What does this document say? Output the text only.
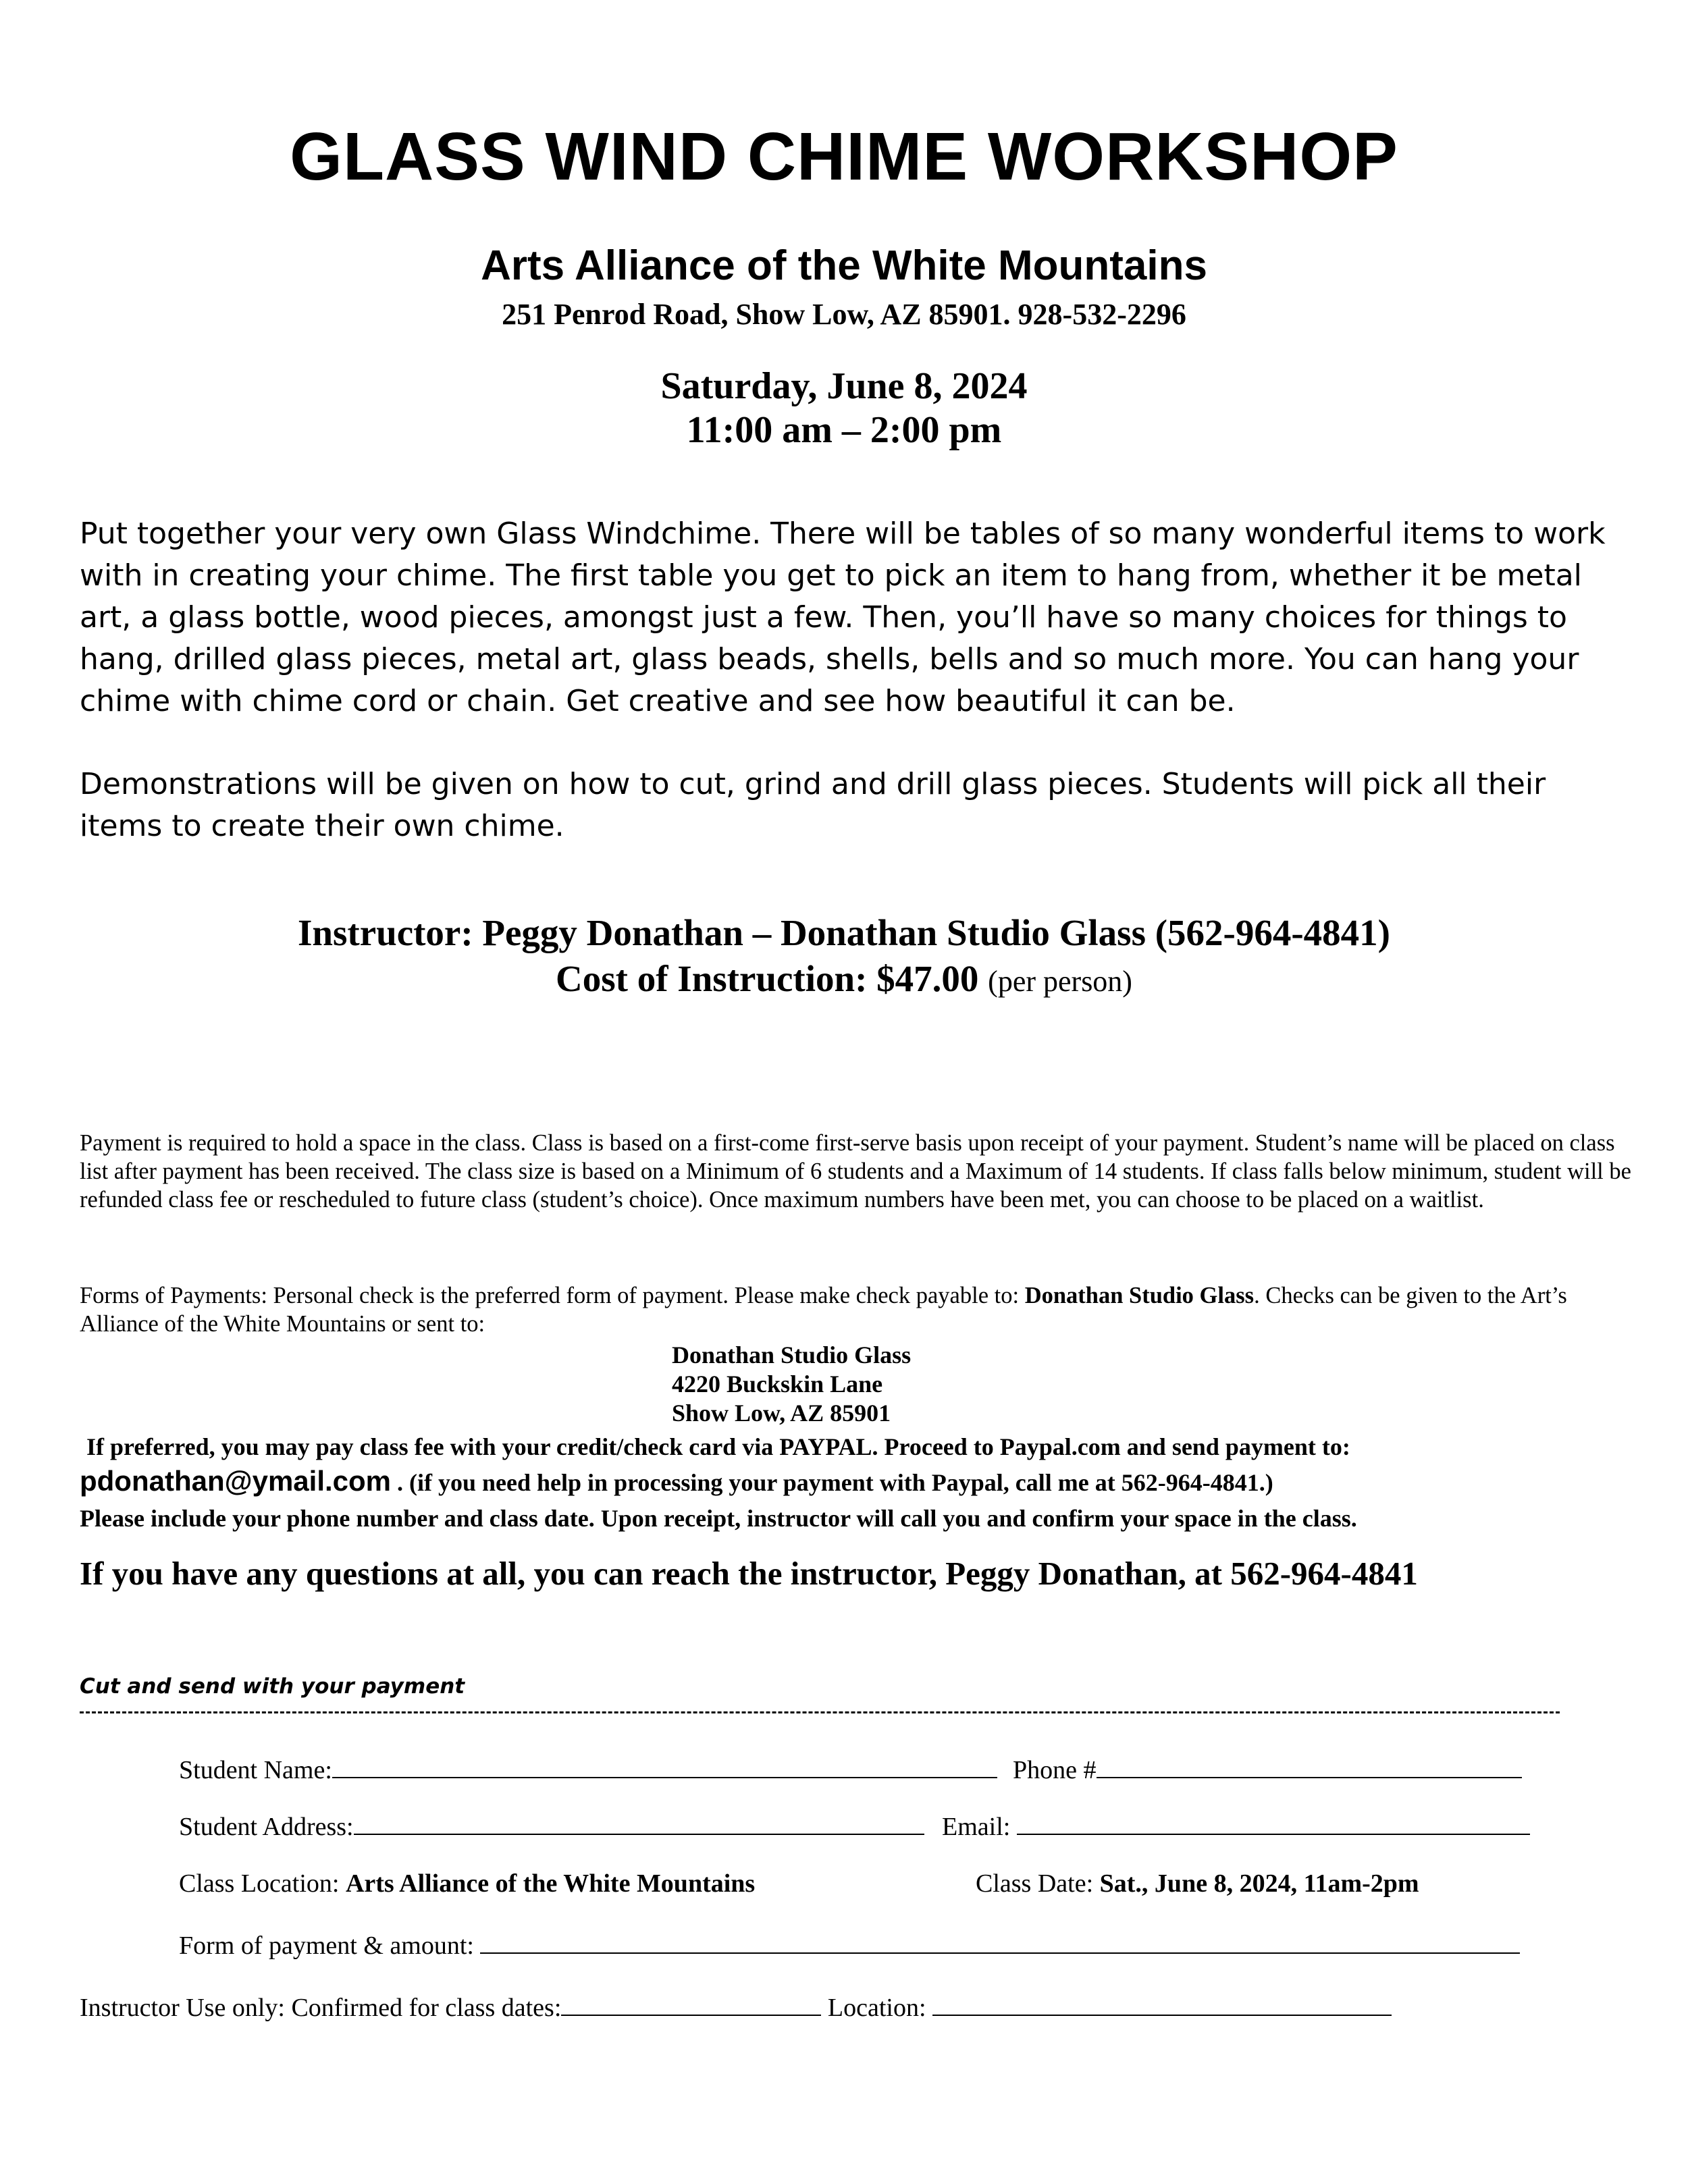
GLASS WIND CHIME WORKSHOP
Arts Alliance of the White Mountains
251 Penrod Road, Show Low, AZ 85901. 928-532-2296
Saturday, June 8, 2024
11:00 am – 2:00 pm
Put together your very own Glass Windchime. There will be tables of so many wonderful items to work with in creating your chime. The first table you get to pick an item to hang from, whether it be metal art, a glass bottle, wood pieces, amongst just a few. Then, you’ll have so many choices for things to hang, drilled glass pieces, metal art, glass beads, shells, bells and so much more. You can hang your chime with chime cord or chain. Get creative and see how beautiful it can be.
Demonstrations will be given on how to cut, grind and drill glass pieces. Students will pick all their items to create their own chime.
Instructor: Peggy Donathan – Donathan Studio Glass (562-964-4841)
Cost of Instruction: $47.00 (per person)
Payment is required to hold a space in the class. Class is based on a first-come first-serve basis upon receipt of your payment. Student’s name will be placed on class list after payment has been received. The class size is based on a Minimum of 6 students and a Maximum of 14 students. If class falls below minimum, student will be refunded class fee or rescheduled to future class (student’s choice). Once maximum numbers have been met, you can choose to be placed on a waitlist.
Forms of Payments: Personal check is the preferred form of payment. Please make check payable to: Donathan Studio Glass. Checks can be given to the Art’s Alliance of the White Mountains or sent to:
Donathan Studio Glass
4220 Buckskin Lane
Show Low, AZ 85901
If preferred, you may pay class fee with your credit/check card via PAYPAL. Proceed to Paypal.com and send payment to:
pdonathan@ymail.com . (if you need help in processing your payment with Paypal, call me at 562-964-4841.)
Please include your phone number and class date. Upon receipt, instructor will call you and confirm your space in the class.
If you have any questions at all, you can reach the instructor, Peggy Donathan, at 562-964-4841
Cut and send with your payment
Student Name:	Phone #
Student Address:	Email:
Class Location: Arts Alliance of the White Mountains	Class Date: Sat., June 8, 2024, 11am-2pm
Form of payment & amount:
Instructor Use only: Confirmed for class dates:	Location:
